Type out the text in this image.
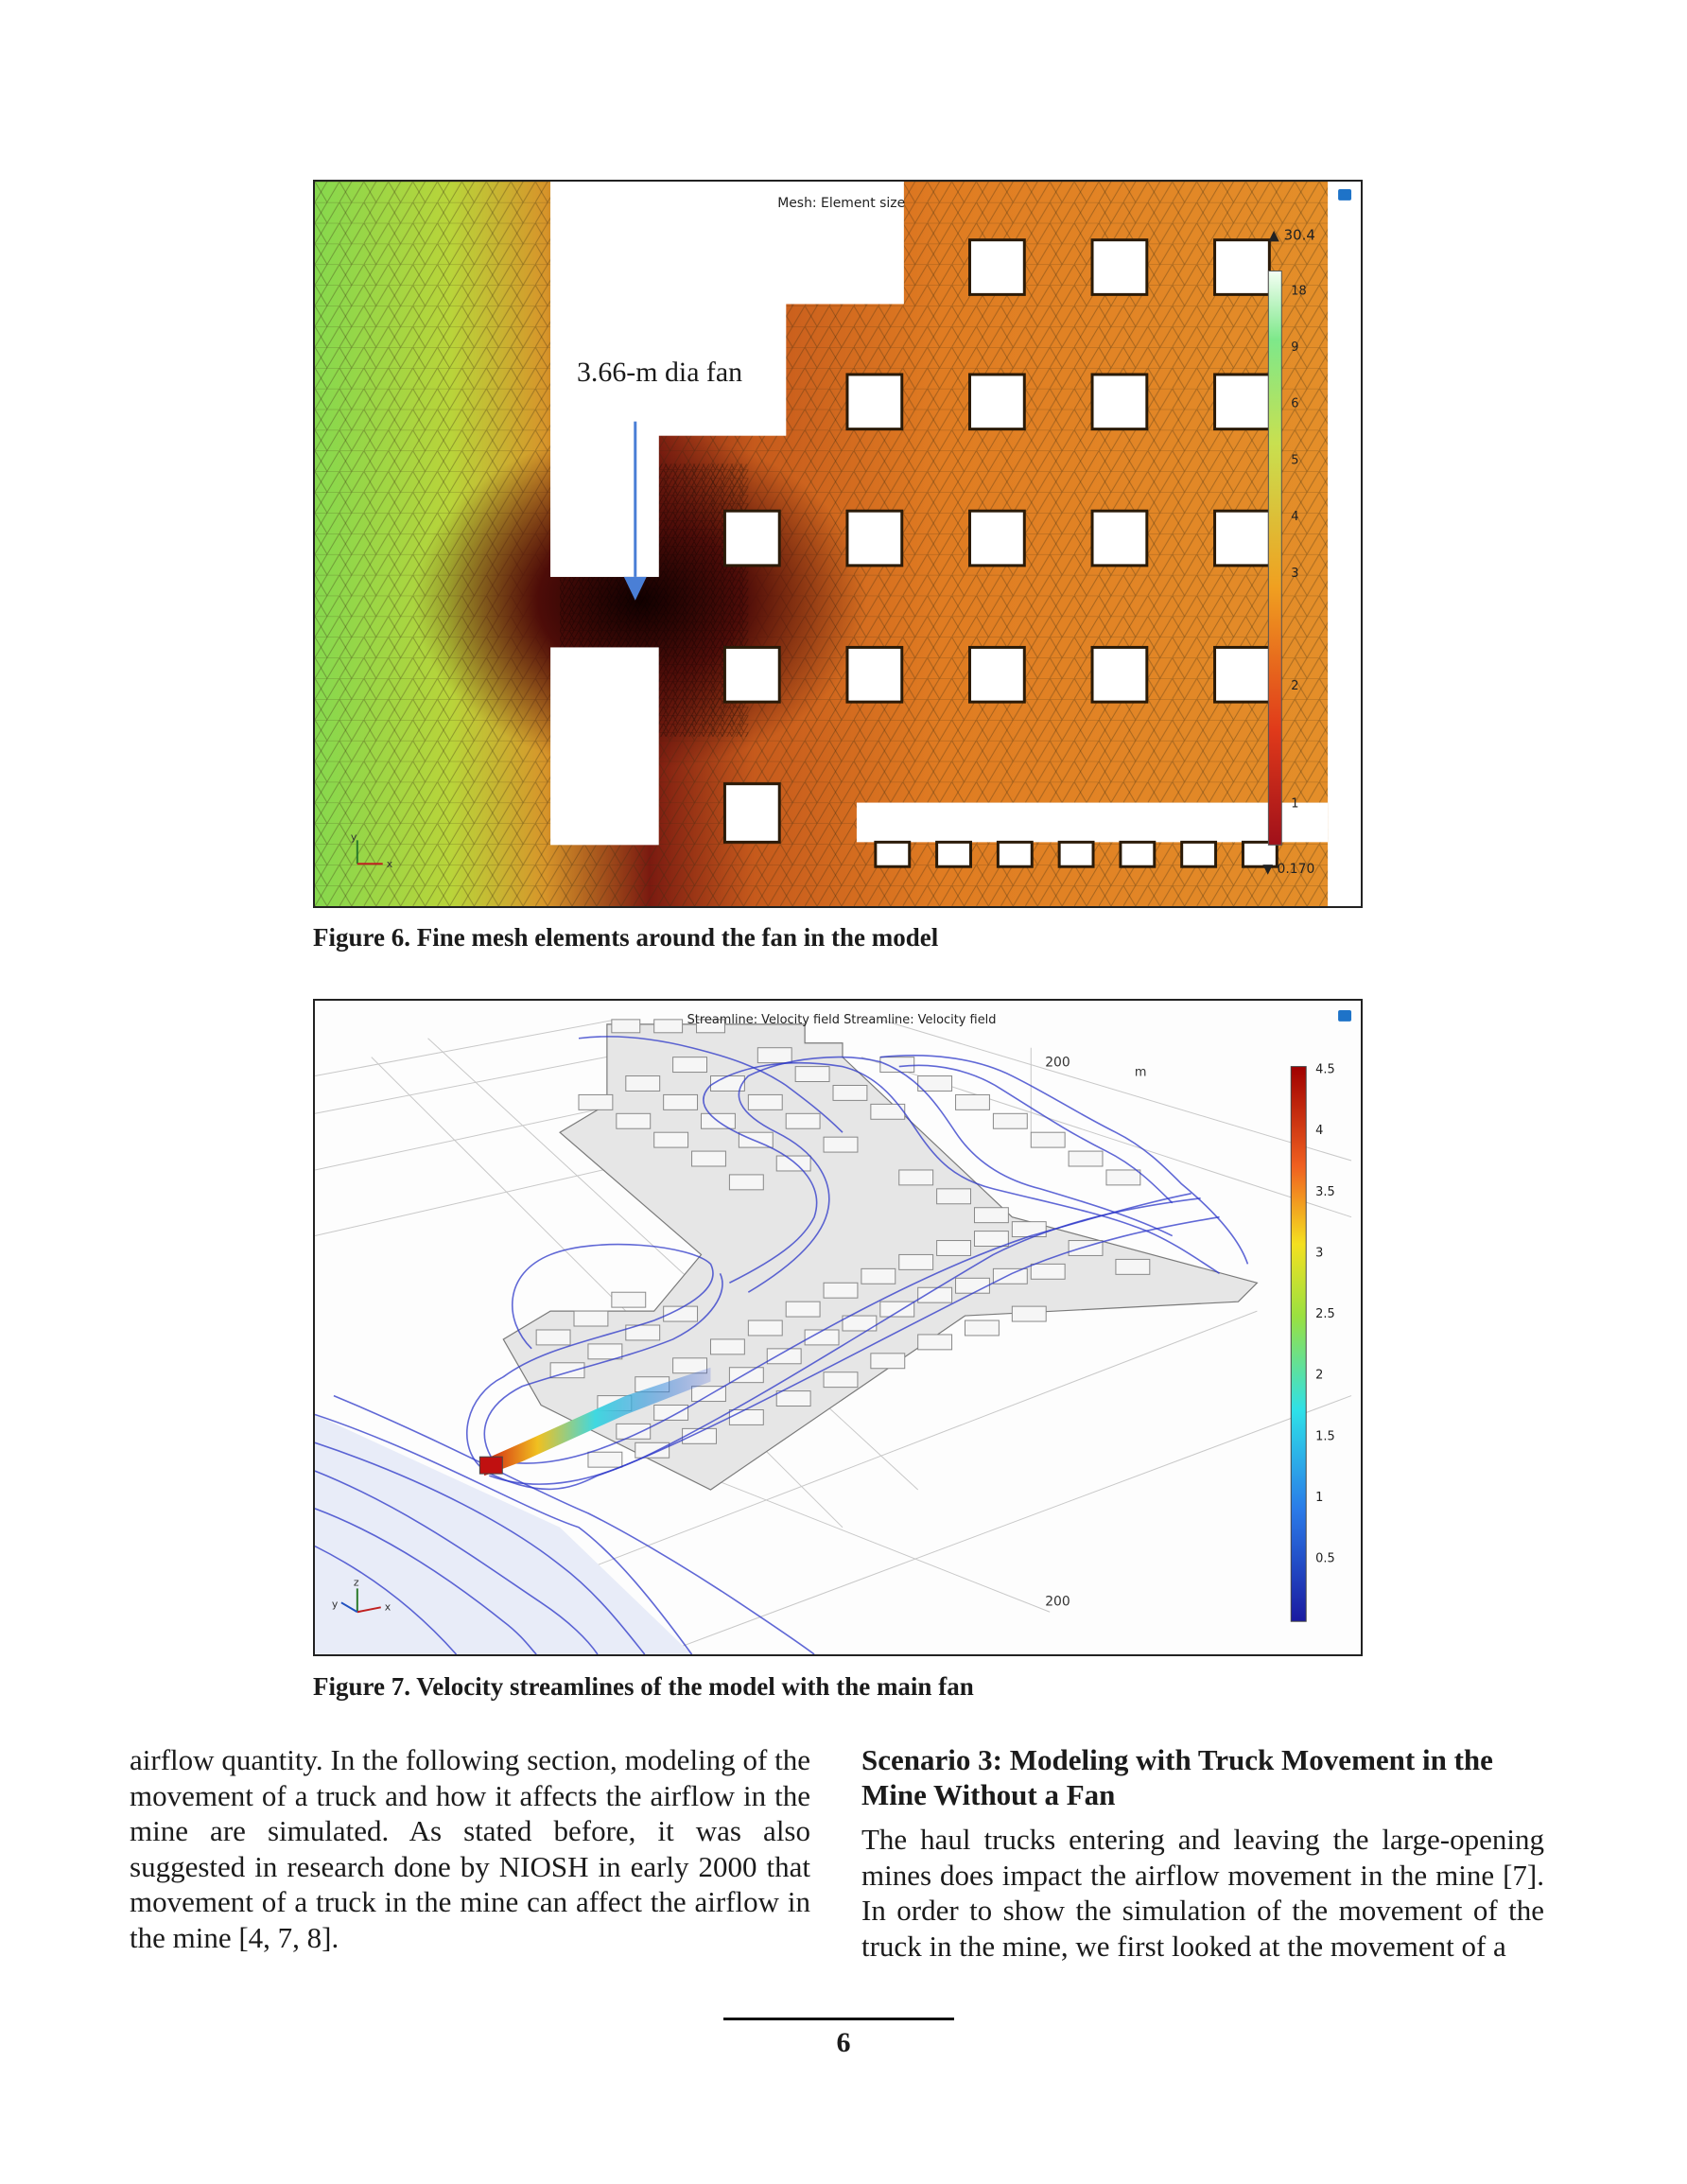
▲ 30.4
18
9
6
5
4
3
2
1
▼ 0.170
Mesh: Element size
3.66-m dia fan
y
x
Figure 6. Fine mesh elements around the fan in the model
4.5
4
3.5
3
2.5
2
1.5
1
0.5
Streamline: Velocity field Streamline: Velocity field
200
m
200
z
y	x
Figure 7. Velocity streamlines of the model with the main fan

airflow quantity. In the following section, modeling of the movement of a truck and how it affects the airflow in the mine are simulated. As stated before, it was also suggested in research done by NIOSH in early 2000 that movement of a truck in the mine can affect the airflow in the mine [4, 7, 8].

Scenario 3: Modeling with Truck Movement in the Mine Without a Fan

The haul trucks entering and leaving the large-opening mines does impact the airflow movement in the mine [7]. In order to show the simulation of the movement of the truck in the mine, we first looked at the movement of a

6
